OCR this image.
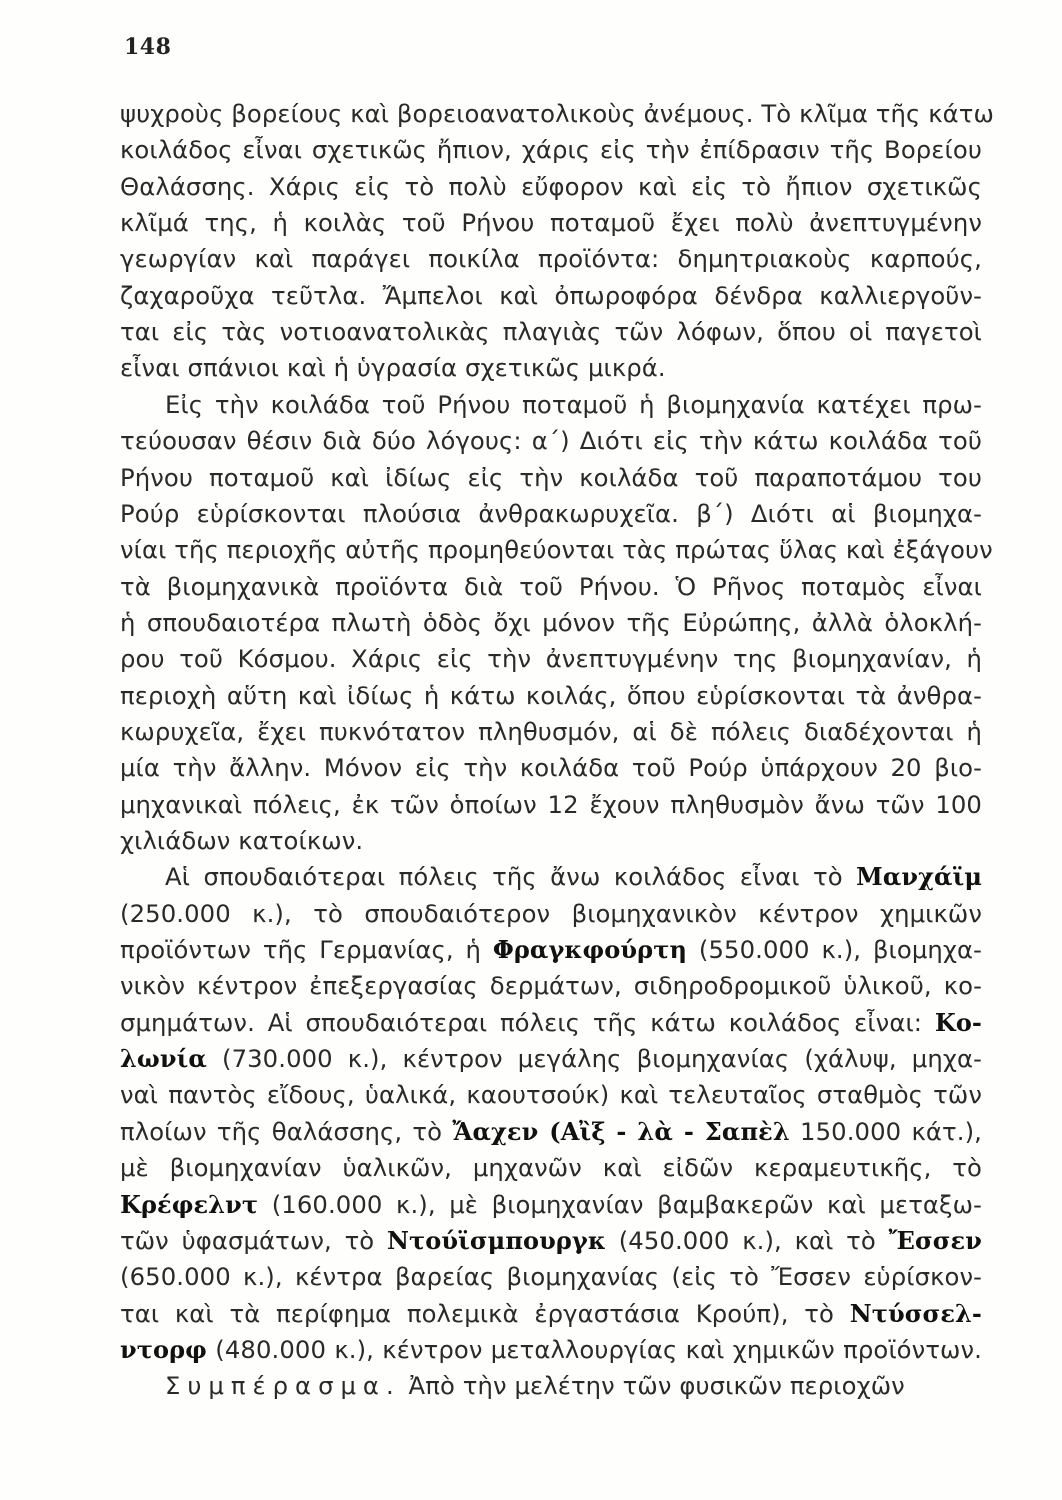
148
ψυχροὺς βορείους καὶ βορειοανατολικοὺς ἀνέμους. Τὸ κλῖμα τῆς κάτω
κοιλάδος εἶναι σχετικῶς ἤπιον, χάρις εἰς τὴν ἐπίδρασιν τῆς Βορείου
Θαλάσσης. Χάρις εἰς τὸ πολὺ εὔφορον καὶ εἰς τὸ ἤπιον σχετικῶς
κλῖμά της, ἡ κοιλὰς τοῦ Ρήνου ποταμοῦ ἔχει πολὺ ἀνεπτυγμένην
γεωργίαν καὶ παράγει ποικίλα προϊόντα: δημητριακοὺς καρπούς,
ζαχαροῦχα τεῦτλα. Ἄμπελοι καὶ ὀπωροφόρα δένδρα καλλιεργοῦν-
ται εἰς τὰς νοτιοανατολικὰς πλαγιὰς τῶν λόφων, ὅπου οἱ παγετοὶ
εἶναι σπάνιοι καὶ ἡ ὑγρασία σχετικῶς μικρά.
Εἰς τὴν κοιλάδα τοῦ Ρήνου ποταμοῦ ἡ βιομηχανία κατέχει πρω-
τεύουσαν θέσιν διὰ δύο λόγους: α΄) Διότι εἰς τὴν κάτω κοιλάδα τοῦ
Ρήνου ποταμοῦ καὶ ἰδίως εἰς τὴν κοιλάδα τοῦ παραποτάμου του
Ρούρ εὑρίσκονται πλούσια ἀνθρακωρυχεῖα. β΄) Διότι αἱ βιομηχα-
νίαι τῆς περιοχῆς αὐτῆς προμηθεύονται τὰς πρώτας ὕλας καὶ ἐξάγουν
τὰ βιομηχανικὰ προϊόντα διὰ τοῦ Ρήνου. Ὁ Ρῆνος ποταμὸς εἶναι
ἡ σπουδαιοτέρα πλωτὴ ὁδὸς ὄχι μόνον τῆς Εὐρώπης, ἀλλὰ ὁλοκλή-
ρου τοῦ Κόσμου. Χάρις εἰς τὴν ἀνεπτυγμένην της βιομηχανίαν, ἡ
περιοχὴ αὕτη καὶ ἰδίως ἡ κάτω κοιλάς, ὅπου εὑρίσκονται τὰ ἀνθρα-
κωρυχεῖα, ἔχει πυκνότατον πληθυσμόν, αἱ δὲ πόλεις διαδέχονται ἡ
μία τὴν ἄλλην. Μόνον εἰς τὴν κοιλάδα τοῦ Ρούρ ὑπάρχουν 20 βιο-
μηχανικαὶ πόλεις, ἐκ τῶν ὁποίων 12 ἔχουν πληθυσμὸν ἄνω τῶν 100
χιλιάδων κατοίκων.
Αἱ σπουδαιότεραι πόλεις τῆς ἄνω κοιλάδος εἶναι τὸ Μανχάϊμ
(250.000 κ.), τὸ σπουδαιότερον βιομηχανικὸν κέντρον χημικῶν
προϊόντων τῆς Γερμανίας, ἡ Φραγκφούρτη (550.000 κ.), βιομηχα-
νικὸν κέντρον ἐπεξεργασίας δερμάτων, σιδηροδρομικοῦ ὑλικοῦ, κο-
σμημάτων. Αἱ σπουδαιότεραι πόλεις τῆς κάτω κοιλάδος εἶναι: Κο-
λωνία (730.000 κ.), κέντρον μεγάλης βιομηχανίας (χάλυψ, μηχα-
ναὶ παντὸς εἴδους, ὑαλικά, καουτσούκ) καὶ τελευταῖος σταθμὸς τῶν
πλοίων τῆς θαλάσσης, τὸ Ἄαχεν (Αἲξ - λὰ - Σαπὲλ 150.000 κάτ.),
μὲ βιομηχανίαν ὑαλικῶν, μηχανῶν καὶ εἰδῶν κεραμευτικῆς, τὸ
Κρέφελντ (160.000 κ.), μὲ βιομηχανίαν βαμβακερῶν καὶ μεταξω-
τῶν ὑφασμάτων, τὸ Ντούϊσμπουργκ (450.000 κ.), καὶ τὸ Ἔσσεν
(650.000 κ.), κέντρα βαρείας βιομηχανίας (εἰς τὸ Ἔσσεν εὑρίσκον-
ται καὶ τὰ περίφημα πολεμικὰ ἐργαστάσια Κρούπ), τὸ Ντύσσελ-
ντορφ (480.000 κ.), κέντρον μεταλλουργίας καὶ χημικῶν προϊόντων.
Συμπέρασμα. Ἀπὸ τὴν μελέτην τῶν φυσικῶν περιοχῶν
